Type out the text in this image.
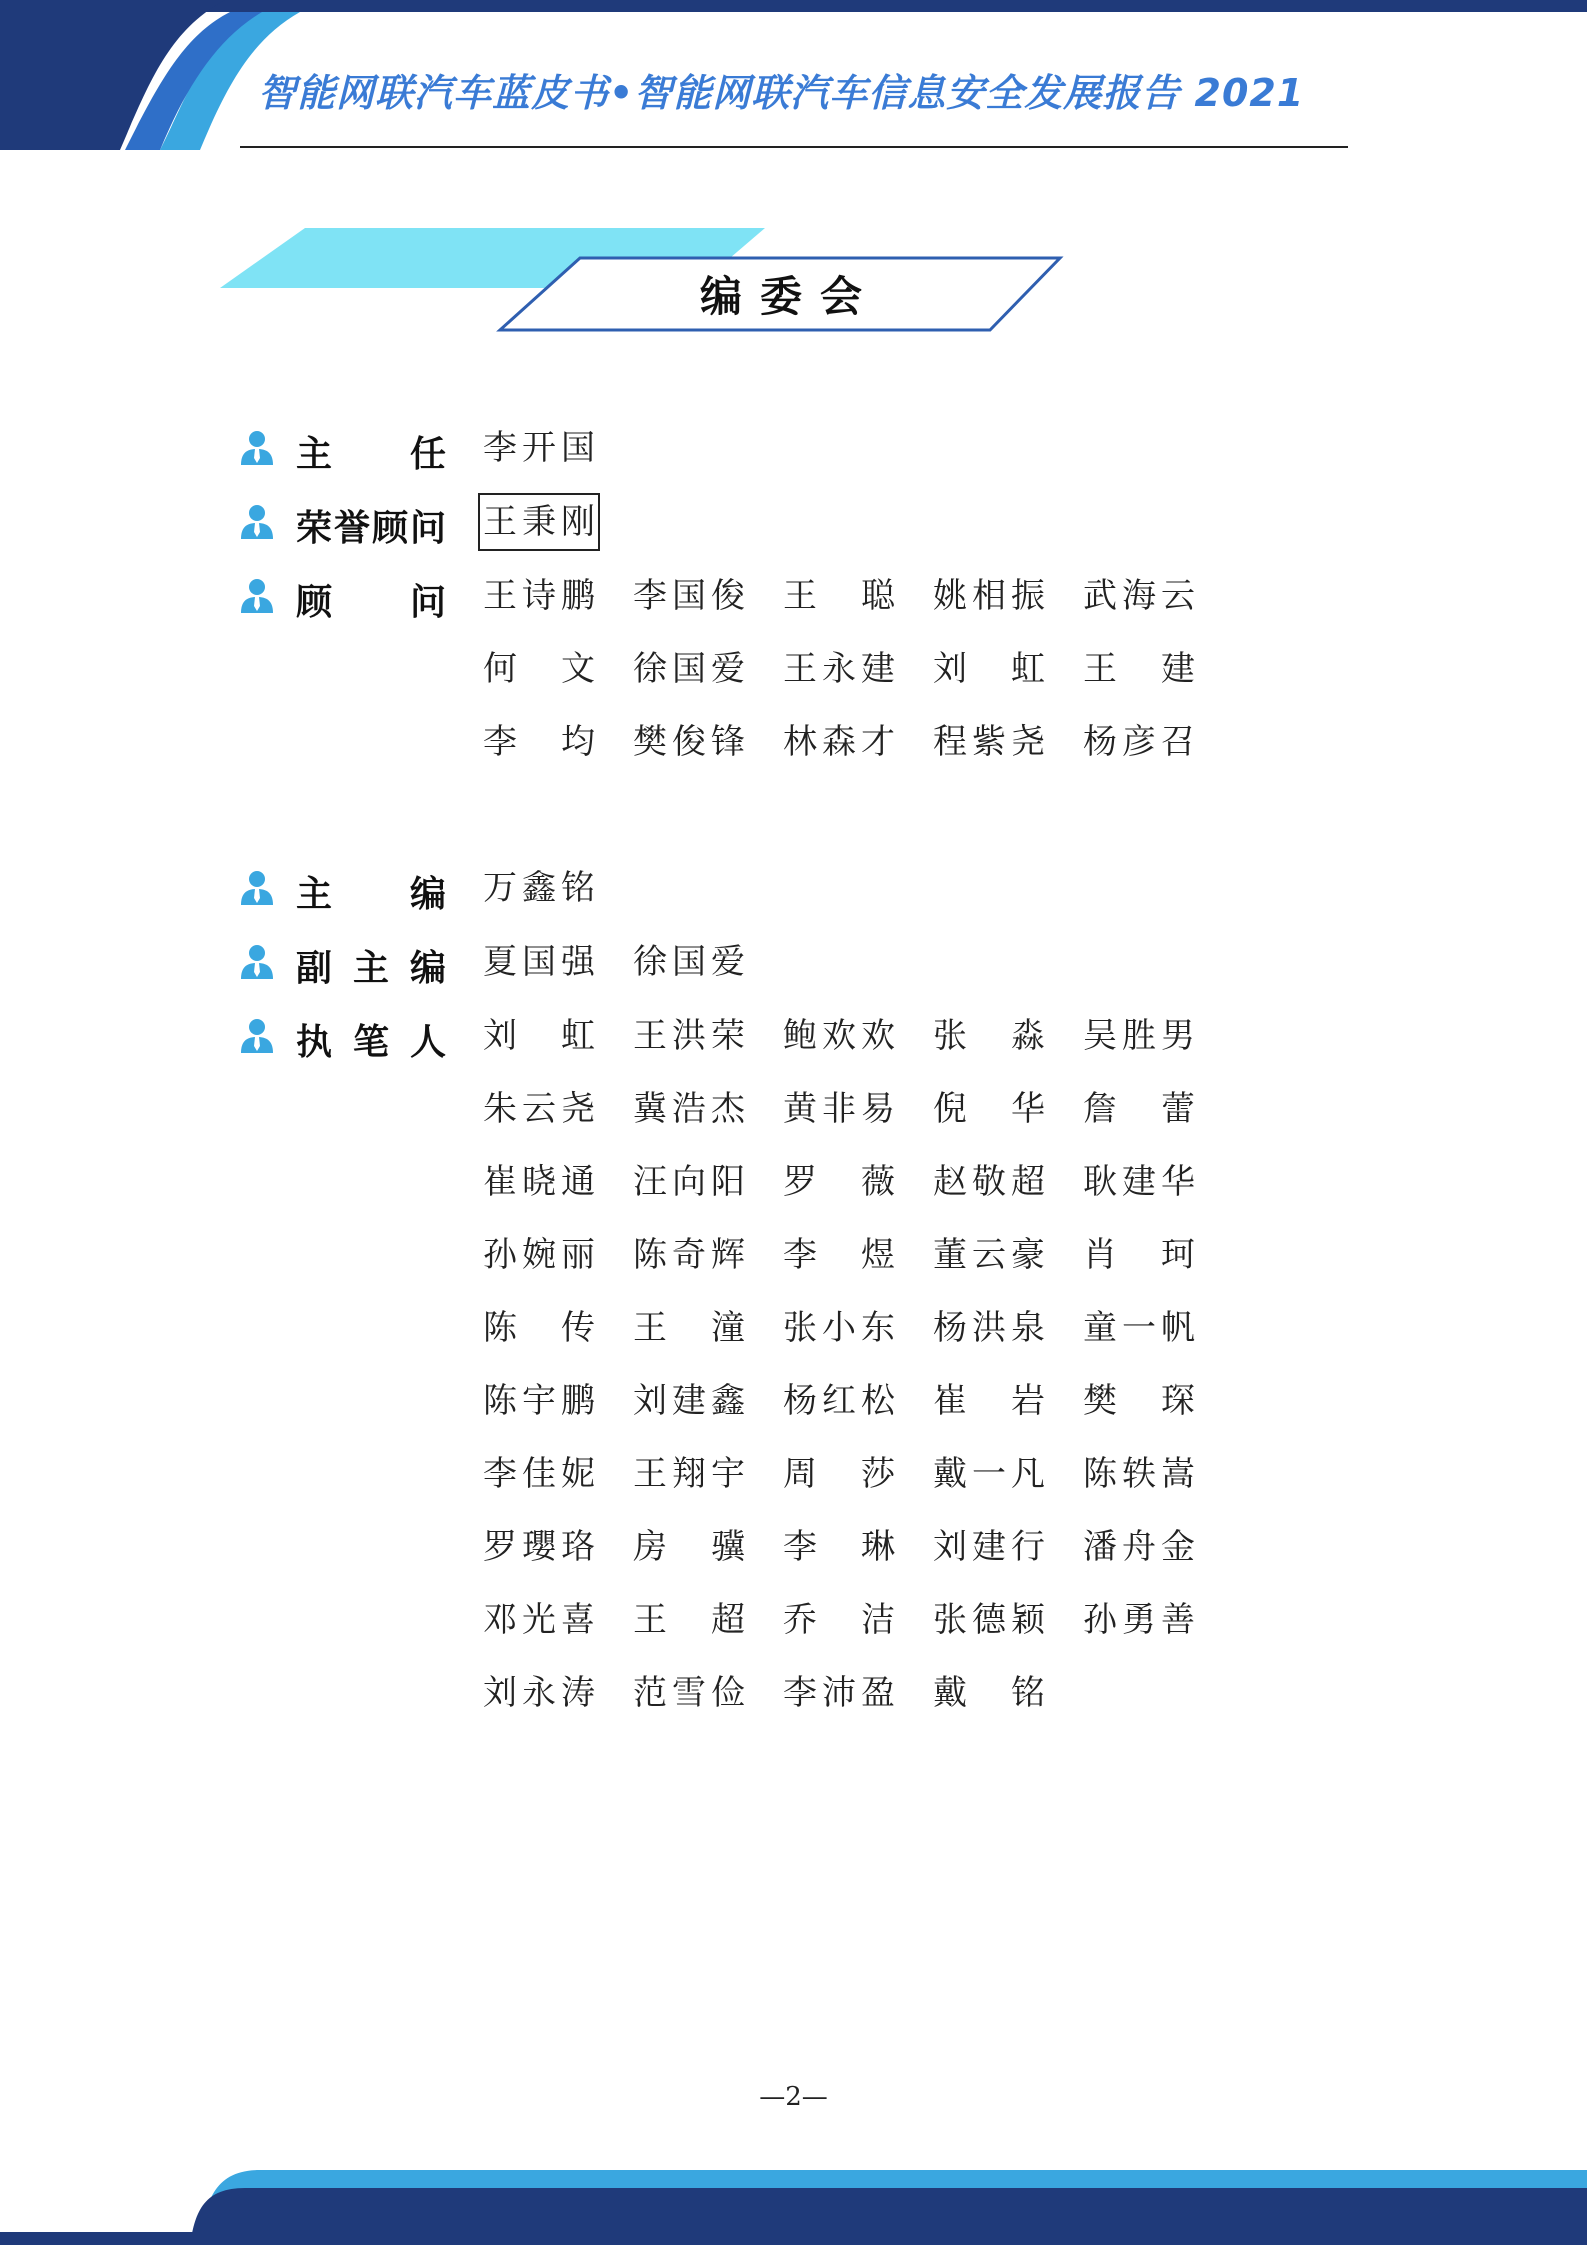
智能网联汽车蓝皮书•智能网联汽车信息安全发展报告 2021
编委会
主 任 李 开 国
荣 誉 顾 问 王 秉 刚
顾 问 王 诗 鹏 李 国 俊 王 聪 姚 相 振 武 海 云
何 文 徐 国 爱 王 永 建 刘 虹 王 建
李 均 樊 俊 锋 林 森 才 程 紫 尧 杨 彦 召
主 编 万 鑫 铭
副 主 编 夏 国 强 徐 国 爱
执 笔 人 刘 虹 王 洪 荣 鲍 欢 欢 张 淼 吴 胜 男
朱 云 尧 冀 浩 杰 黄 非 易 倪 华 詹 蕾
崔 晓 通 汪 向 阳 罗 薇 赵 敬 超 耿 建 华
孙 婉 丽 陈 奇 辉 李 煜 董 云 豪 肖 珂
陈 传 王 潼 张 小 东 杨 洪 泉 童 一 帆
陈 宇 鹏 刘 建 鑫 杨 红 松 崔 岩 樊 琛
李 佳 妮 王 翔 宇 周 莎 戴 一 凡 陈 轶 嵩
罗 瓔 珞 房 骥 李 琳 刘 建 行 潘 舟 金
邓 光 喜 王 超 乔 洁 张 德 颖 孙 勇 善
刘 永 涛 范 雪 俭 李 沛 盈 戴 铭
—2—
